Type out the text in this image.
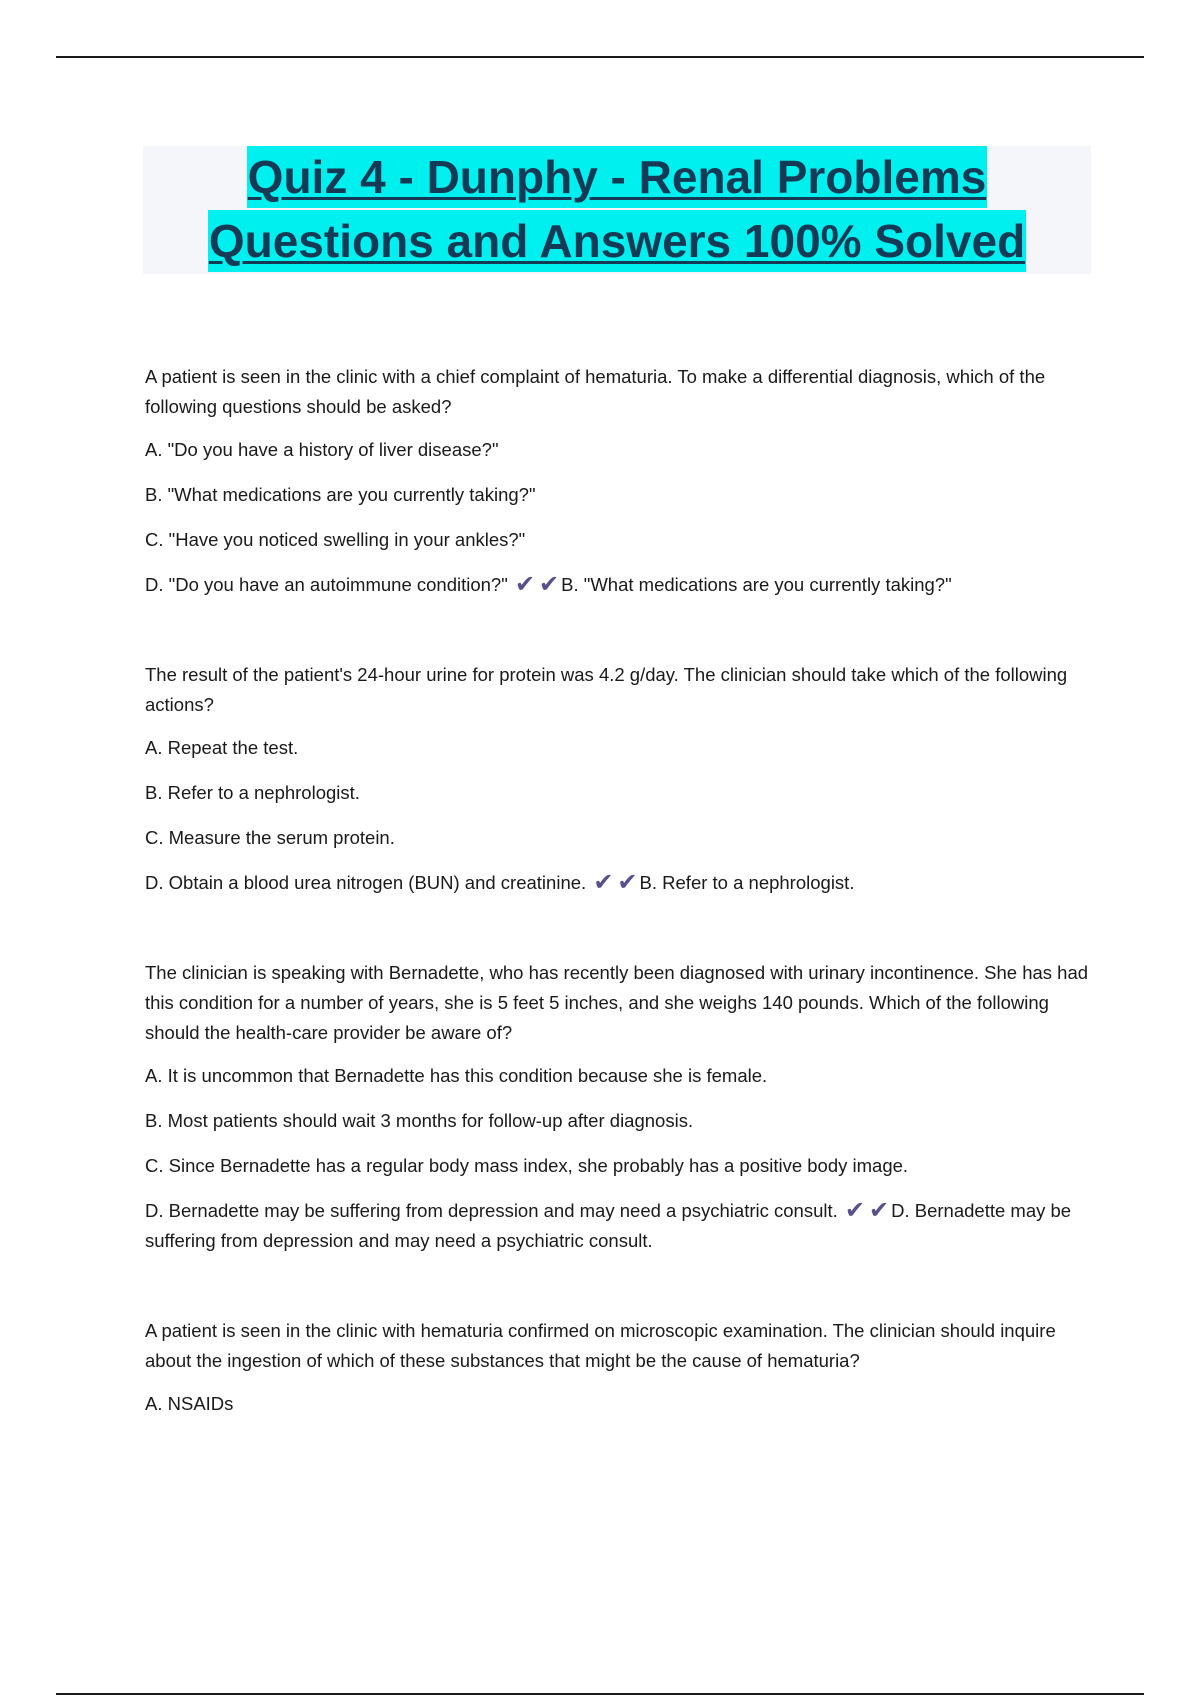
Quiz 4 - Dunphy - Renal Problems
Questions and Answers 100% Solved

A patient is seen in the clinic with a chief complaint of hematuria. To make a differential diagnosis, which of the following questions should be asked?

A. "Do you have a history of liver disease?"

B. "What medications are you currently taking?"

C. "Have you noticed swelling in your ankles?"

D. "Do you have an autoimmune condition?" ✔ ✔ B. "What medications are you currently taking?"

The result of the patient's 24-hour urine for protein was 4.2 g/day. The clinician should take which of the following actions?

A. Repeat the test.

B. Refer to a nephrologist.

C. Measure the serum protein.

D. Obtain a blood urea nitrogen (BUN) and creatinine. ✔ ✔ B. Refer to a nephrologist.

The clinician is speaking with Bernadette, who has recently been diagnosed with urinary incontinence. She has had this condition for a number of years, she is 5 feet 5 inches, and she weighs 140 pounds. Which of the following should the health-care provider be aware of?

A. It is uncommon that Bernadette has this condition because she is female.

B. Most patients should wait 3 months for follow-up after diagnosis.

C. Since Bernadette has a regular body mass index, she probably has a positive body image.

D. Bernadette may be suffering from depression and may need a psychiatric consult. ✔ ✔ D. Bernadette may be suffering from depression and may need a psychiatric consult.

A patient is seen in the clinic with hematuria confirmed on microscopic examination. The clinician should inquire about the ingestion of which of these substances that might be the cause of hematuria?

A. NSAIDs
